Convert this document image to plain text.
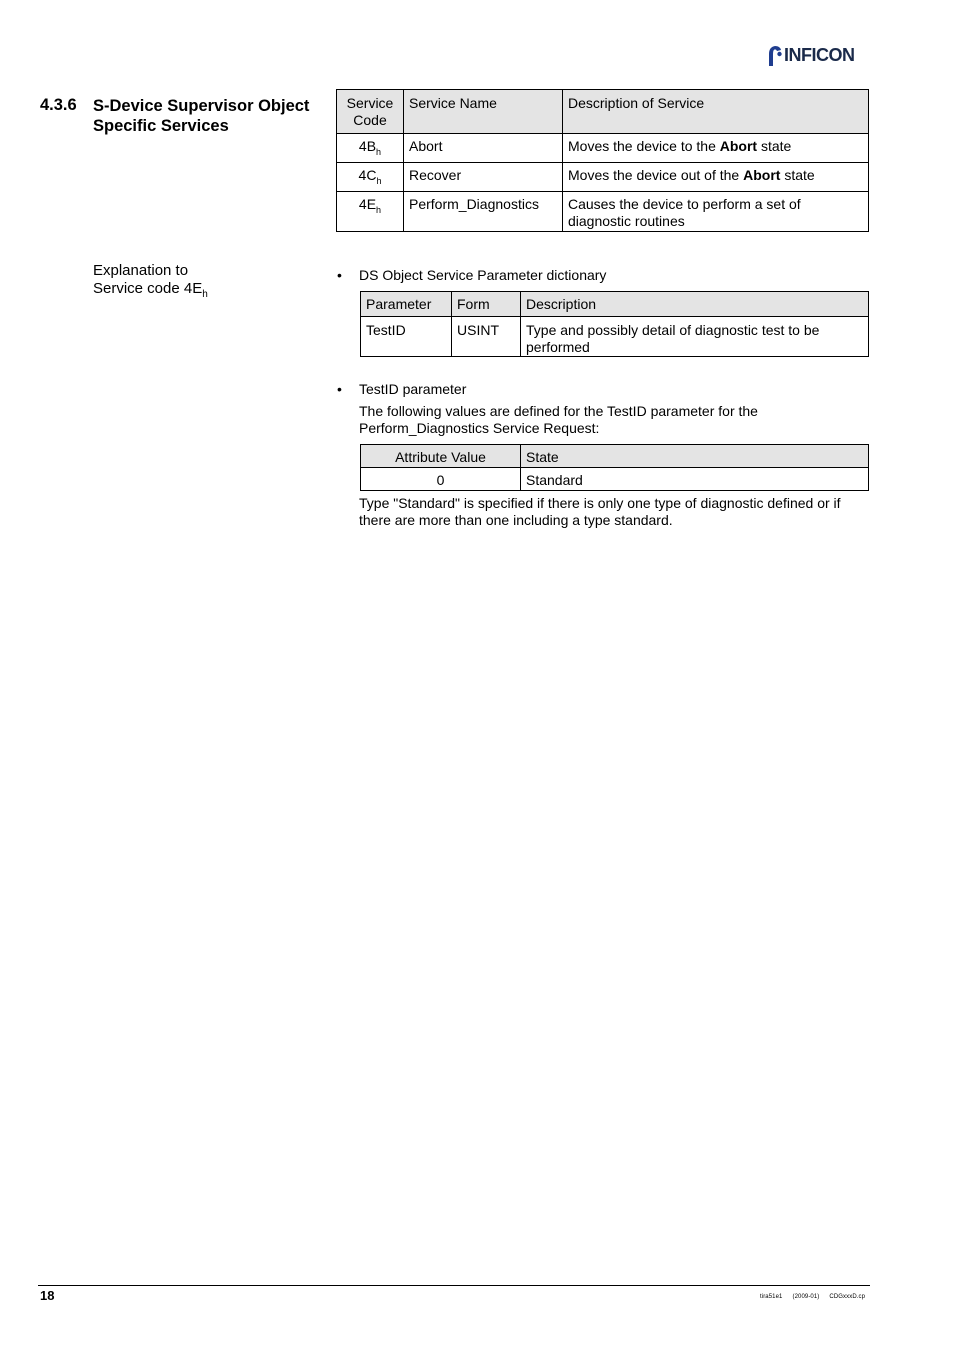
INFICON
4.3.6 S-Device Supervisor Object Specific Services
Service Code	Service Name	Description of Service
$4B_h$	Abort	Moves the device to the Abort state
$4C_h$	Recover	Moves the device out of the Abort state
$4E_h$	Perform_Diagnostics	Causes the device to perform a set of diagnostic routines
Explanation to
Service code $4E_h$
• DS Object Service Parameter dictionary
Parameter	Form	Description
TestID	USINT	Type and possibly detail of diagnostic test to be performed
• TestID parameter
The following values are defined for the TestID parameter for the Perform_Diagnostics Service Request:
Attribute Value	State
0	Standard
Type "Standard" is specified if there is only one type of diagnostic defined or if there are more than one including a type standard.
18	tira51e1 (2009-01) CDGxxxD.cp
